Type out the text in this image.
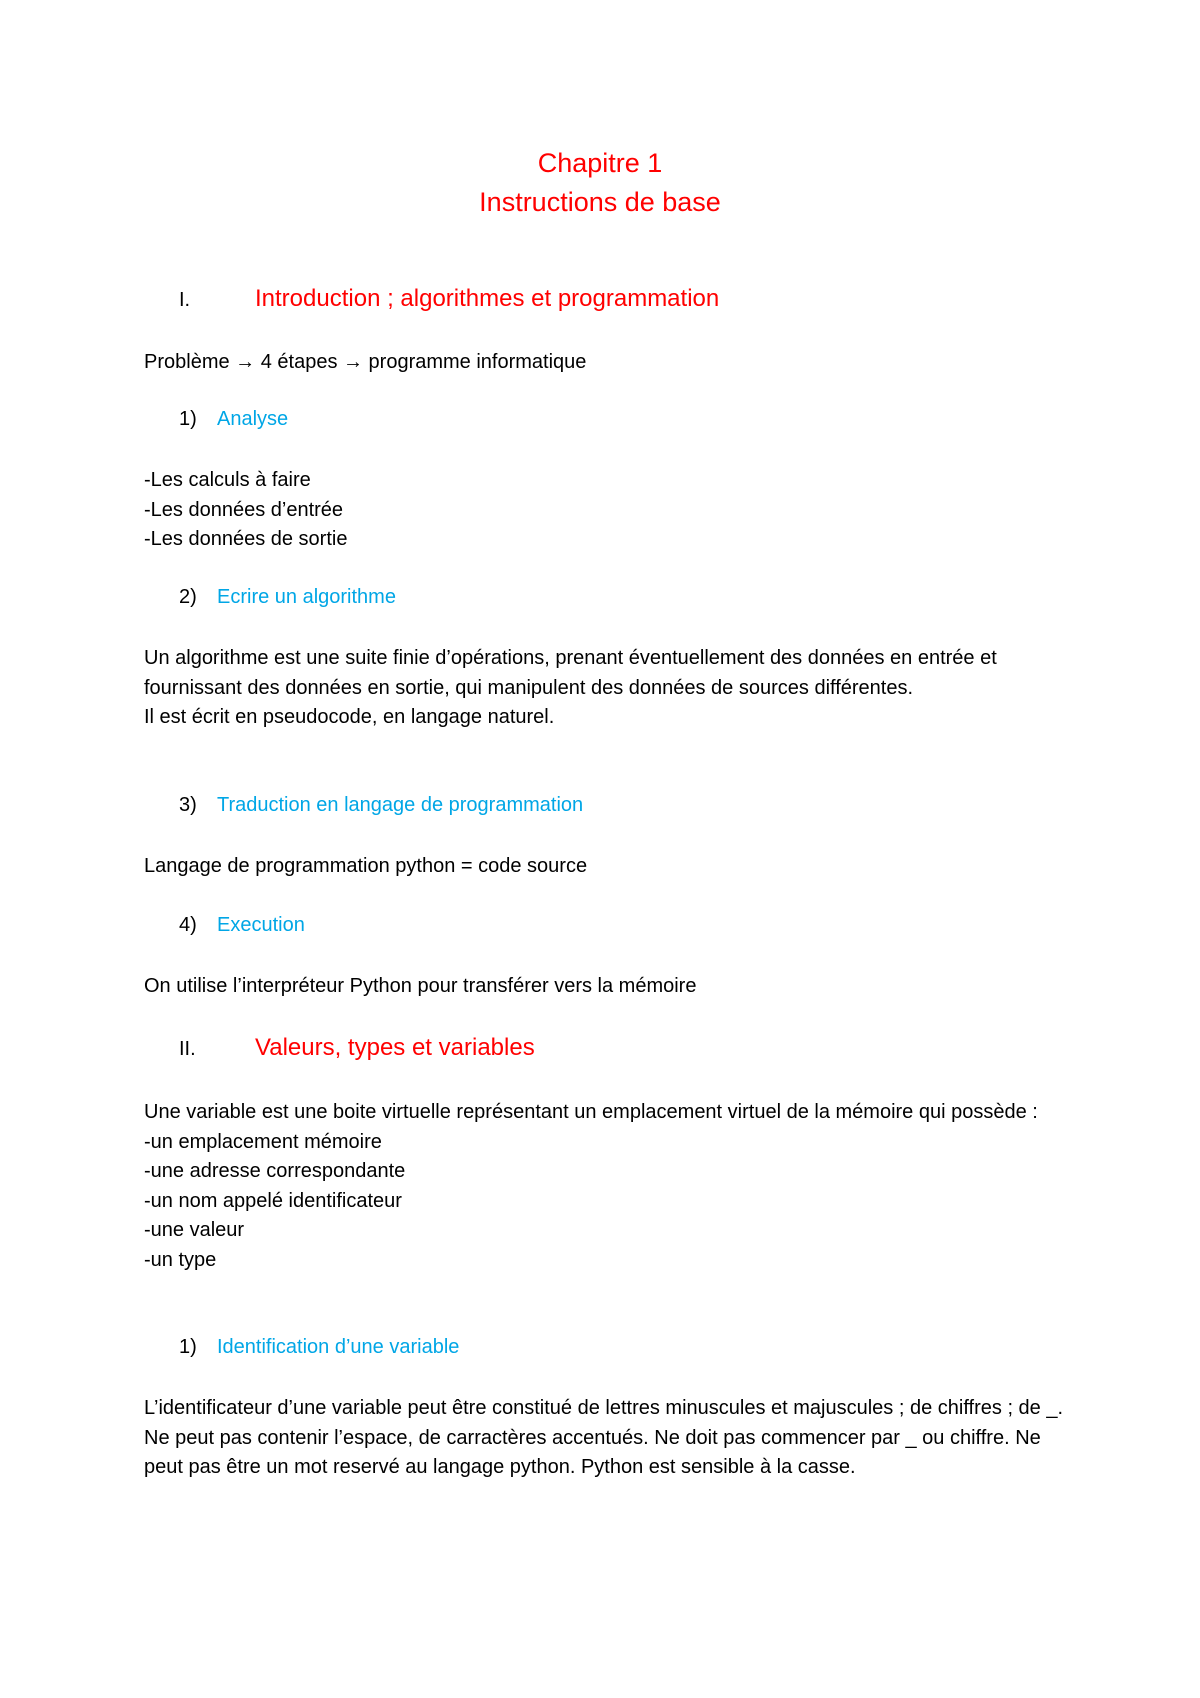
Chapitre 1
Instructions de base
I.	Introduction ; algorithmes et programmation
Problème → 4 étapes → programme informatique
1) Analyse
-Les calculs à faire
-Les données d’entrée
-Les données de sortie
2) Ecrire un algorithme
Un algorithme est une suite finie d’opérations, prenant éventuellement des données en entrée et fournissant des données en sortie, qui manipulent des données de sources différentes.
Il est écrit en pseudocode, en langage naturel.
3) Traduction en langage de programmation
Langage de programmation python = code source
4) Execution
On utilise l’interpréteur Python pour transférer vers la mémoire
II. Valeurs, types et variables
Une variable est une boite virtuelle représentant un emplacement virtuel de la mémoire qui possède :
-un emplacement mémoire
-une adresse correspondante
-un nom appelé identificateur
-une valeur
-un type
1) Identification d’une variable
L’identificateur d’une variable peut être constitué de lettres minuscules et majuscules ; de chiffres ; de _. Ne peut pas contenir l’espace, de carractères accentués. Ne doit pas commencer par _ ou chiffre. Ne peut pas être un mot reservé au langage python. Python est sensible à la casse.
